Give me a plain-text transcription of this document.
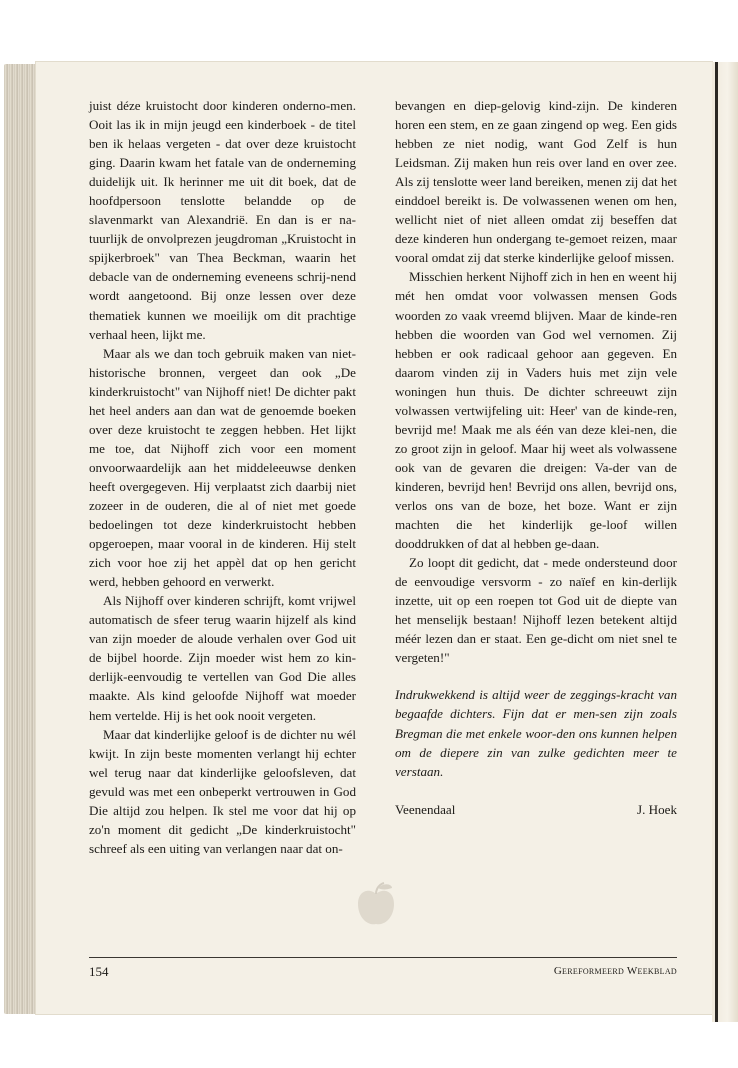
juist déze kruistocht door kinderen onderno-men. Ooit las ik in mijn jeugd een kinderboek - de titel ben ik helaas vergeten - dat over deze kruistocht ging. Daarin kwam het fatale van de onderneming duidelijk uit. Ik herinner me uit dit boek, dat de hoofdpersoon tenslotte belandde op de slavenmarkt van Alexandrië. En dan is er na-tuurlijk de onvolprezen jeugdroman „Kruistocht in spijkerbroek" van Thea Beckman, waarin het debacle van de onderneming eveneens schrij-nend wordt aangetoond. Bij onze lessen over deze thematiek kunnen we moeilijk om dit prachtige verhaal heen, lijkt me.

Maar als we dan toch gebruik maken van niet-historische bronnen, vergeet dan ook „De kinderkruistocht" van Nijhoff niet! De dichter pakt het heel anders aan dan wat de genoemde boeken over deze kruistocht te zeggen hebben. Het lijkt me toe, dat Nijhoff zich voor een moment onvoorwaardelijk aan het middeleeuwse denken heeft overgegeven. Hij verplaatst zich daarbij niet zozeer in de ouderen, die al of niet met goede bedoelingen tot deze kinderkruistocht hebben opgeroepen, maar vooral in de kinderen. Hij stelt zich voor hoe zij het appèl dat op hen gericht werd, hebben gehoord en verwerkt.

Als Nijhoff over kinderen schrijft, komt vrijwel automatisch de sfeer terug waarin hijzelf als kind van zijn moeder de aloude verhalen over God uit de bijbel hoorde. Zijn moeder wist hem zo kin-derlijk-eenvoudig te vertellen van God Die alles maakte. Als kind geloofde Nijhoff wat moeder hem vertelde. Hij is het ook nooit vergeten.

Maar dat kinderlijke geloof is de dichter nu wél kwijt. In zijn beste momenten verlangt hij echter wel terug naar dat kinderlijke geloofsleven, dat gevuld was met een onbeperkt vertrouwen in God Die altijd zou helpen. Ik stel me voor dat hij op zo'n moment dit gedicht „De kinderkruistocht" schreef als een uiting van verlangen naar dat on-

bevangen en diep-gelovig kind-zijn. De kinderen horen een stem, en ze gaan zingend op weg. Een gids hebben ze niet nodig, want God Zelf is hun Leidsman. Zij maken hun reis over land en over zee. Als zij tenslotte weer land bereiken, menen zij dat het einddoel bereikt is. De volwassenen wenen om hen, wellicht niet of niet alleen omdat zij beseffen dat deze kinderen hun ondergang te-gemoet reizen, maar vooral omdat zij dat sterke kinderlijke geloof missen.

Misschien herkent Nijhoff zich in hen en weent hij mét hen omdat voor volwassen mensen Gods woorden zo vaak vreemd blijven. Maar de kinde-ren hebben die woorden van God wel vernomen. Zij hebben er ook radicaal gehoor aan gegeven. En daarom vinden zij in Vaders huis met zijn vele woningen hun thuis. De dichter schreeuwt zijn volwassen vertwijfeling uit: Heer' van de kinde-ren, bevrijd me! Maak me als één van deze klei-nen, die zo groot zijn in geloof. Maar hij weet als volwassene ook van de gevaren die dreigen: Va-der van de kinderen, bevrijd hen! Bevrijd ons allen, bevrijd ons, verlos ons van de boze, het boze. Want er zijn machten die het kinderlijk ge-loof willen dooddrukken of dat al hebben ge-daan.

Zo loopt dit gedicht, dat - mede ondersteund door de eenvoudige versvorm - zo naïef en kin-derlijk inzette, uit op een roepen tot God uit de diepte van het menselijk bestaan! Nijhoff lezen betekent altijd méér lezen dan er staat. Een ge-dicht om niet snel te vergeten!"

Indrukwekkend is altijd weer de zeggings-kracht van begaafde dichters. Fijn dat er men-sen zijn zoals Bregman die met enkele woor-den ons kunnen helpen om de diepere zin van zulke gedichten meer te verstaan.

Veenendaal	J. Hoek
154	Gereformeerd Weekblad
